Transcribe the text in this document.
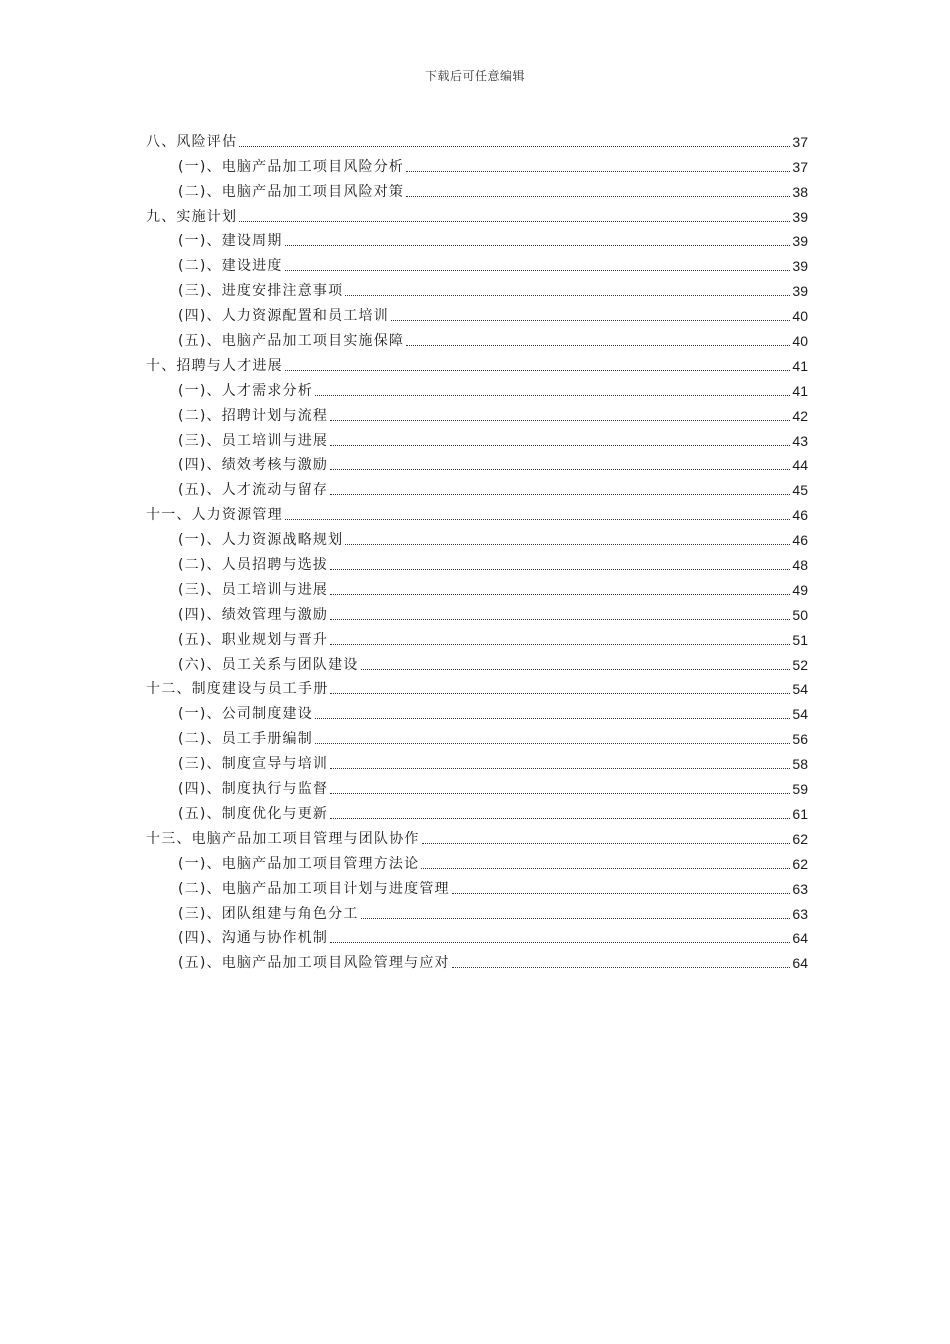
下载后可任意编辑
八、风险评估	37
(一)、电脑产品加工项目风险分析	37
(二)、电脑产品加工项目风险对策	38
九、实施计划	39
(一)、建设周期	39
(二)、建设进度	39
(三)、进度安排注意事项	39
(四)、人力资源配置和员工培训	40
(五)、电脑产品加工项目实施保障	40
十、招聘与人才进展	41
(一)、人才需求分析	41
(二)、招聘计划与流程	42
(三)、员工培训与进展	43
(四)、绩效考核与激励	44
(五)、人才流动与留存	45
十一、人力资源管理	46
(一)、人力资源战略规划	46
(二)、人员招聘与选拔	48
(三)、员工培训与进展	49
(四)、绩效管理与激励	50
(五)、职业规划与晋升	51
(六)、员工关系与团队建设	52
十二、制度建设与员工手册	54
(一)、公司制度建设	54
(二)、员工手册编制	56
(三)、制度宣导与培训	58
(四)、制度执行与监督	59
(五)、制度优化与更新	61
十三、电脑产品加工项目管理与团队协作	62
(一)、电脑产品加工项目管理方法论	62
(二)、电脑产品加工项目计划与进度管理	63
(三)、团队组建与角色分工	63
(四)、沟通与协作机制	64
(五)、电脑产品加工项目风险管理与应对	64
